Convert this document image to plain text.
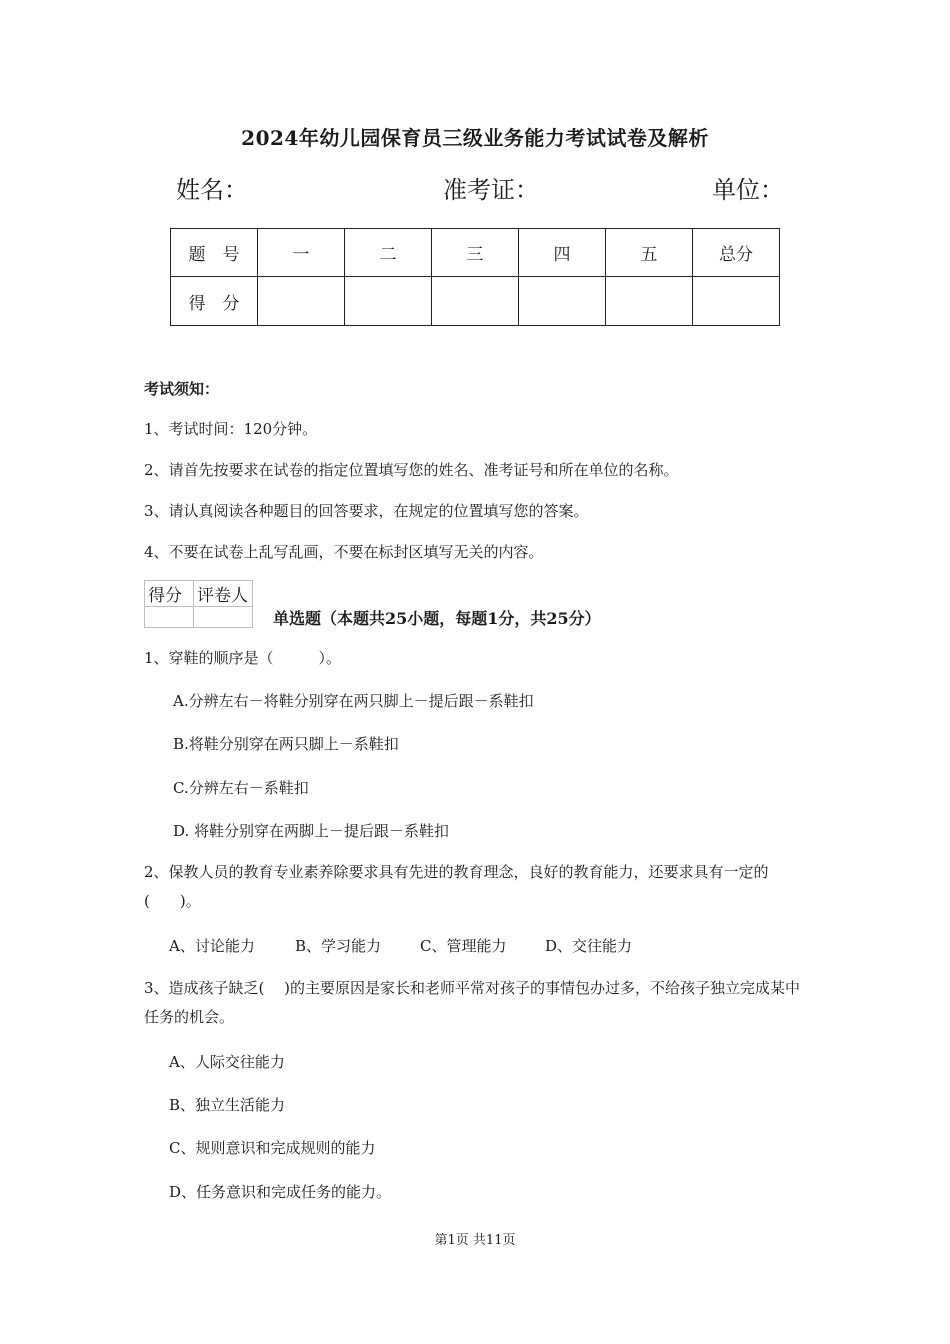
2024年幼儿园保育员三级业务能力考试试卷及解析
姓名：	准考证：	单位：
题　号	一	二	三	四	五	总分
得　分						
考试须知：
1、考试时间：120分钟。
2、请首先按要求在试卷的指定位置填写您的姓名、准考证号和所在单位的名称。
3、请认真阅读各种题目的回答要求，在规定的位置填写您的答案。
4、不要在试卷上乱写乱画，不要在标封区填写无关的内容。
得分	评卷人

单选题（本题共25小题，每题1分，共25分）
1、穿鞋的顺序是（　　　）。
A.分辨左右－将鞋分别穿在两只脚上－提后跟－系鞋扣
B.将鞋分别穿在两只脚上－系鞋扣
C.分辨左右－系鞋扣
D. 将鞋分别穿在两脚上－提后跟－系鞋扣
2、保教人员的教育专业素养除要求具有先进的教育理念，良好的教育能力，还要求具有一定的(　　)。
A、讨论能力	B、学习能力	C、管理能力	D、交往能力
3、造成孩子缺乏(　 )的主要原因是家长和老师平常对孩子的事情包办过多，不给孩子独立完成某中任务的机会。
A、人际交往能力
B、独立生活能力
C、规则意识和完成规则的能力
D、任务意识和完成任务的能力。
第1页 共11页
